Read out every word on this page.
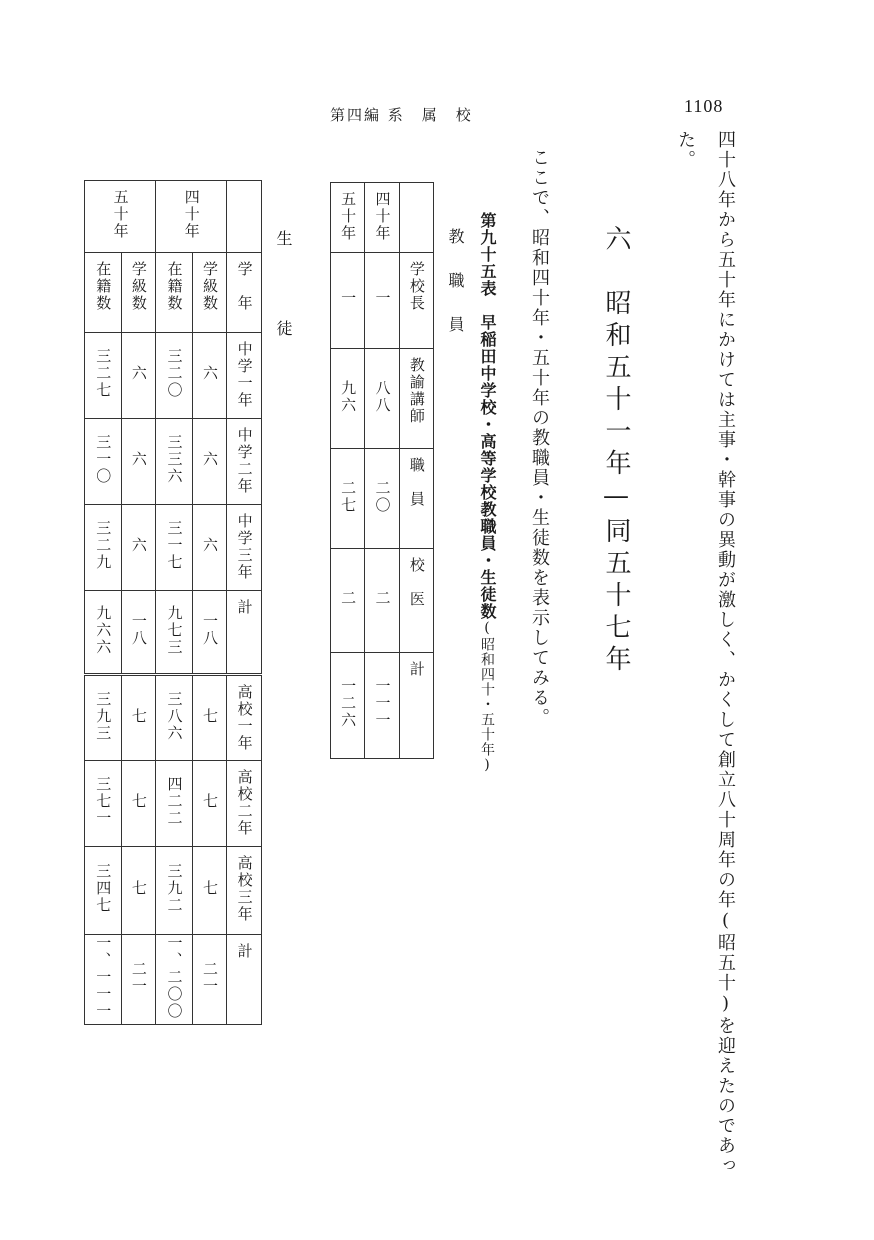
第四編 系　属　校	1108
四十八年から五十年にかけては主事・幹事の異動が激しく、かくして創立八十周年の年(昭五十)を迎えたのであっ
た。
六　昭和五十一年—同五十七年
ここで、昭和四十年・五十年の教職員・生徒数を表示してみる。
第九十五表　早稲田中学校・高等学校教職員・生徒数(昭和四十・五十年)
教　職　員
五十年	四十年	
一	一	学校長
九六	八八	教諭講師
二七	二〇	職　員
二	二	校　医
一二六	一一一	計
生　　徒
五十年		四十年		
在籍数	学級数	在籍数	学級数	学　年
三二七	六	三二〇	六	中学一年
三一〇	六	三三六	六	中学二年
三二九	六	三一七	六	中学三年
九六六	一八	九七三	一八	計
三九三	七	三八六	七	高校一年
三七一	七	四二二	七	高校二年
三四七	七	三九二	七	高校三年
一、一一一	二一	一、二〇〇	二一	計
